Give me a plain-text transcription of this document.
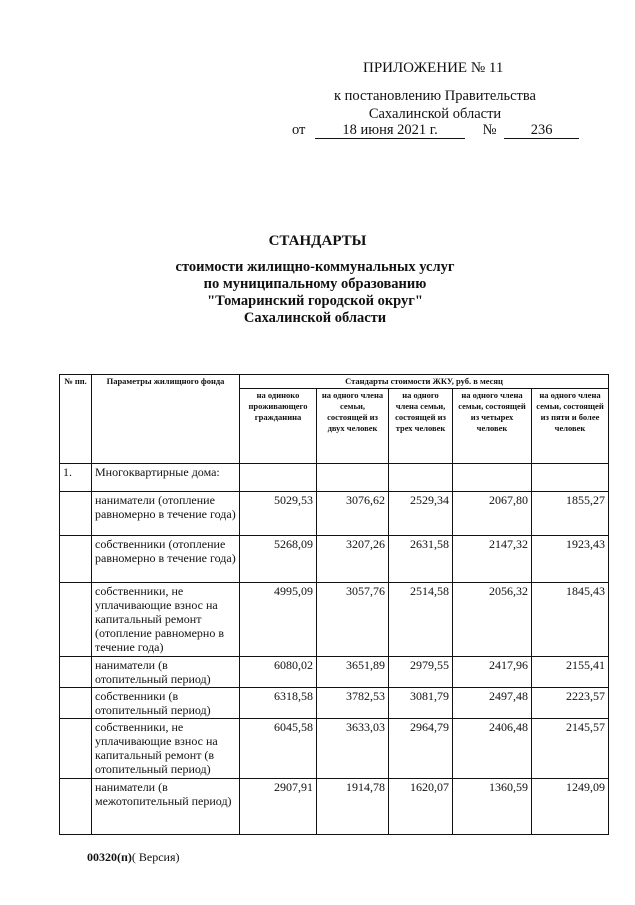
ПРИЛОЖЕНИЕ № 11
к постановлению Правительства
Сахалинской области
от	18 июня 2021 г.	№ 236
СТАНДАРТЫ
стоимости жилищно-коммунальных услуг
по муниципальному образованию
"Томаринский городской округ"
Сахалинской области
№ пп.	Параметры жилищного фонда	Стандарты стоимости ЖКУ, руб. в месяц				
		на одиноко проживающего гражданина	на одного члена семьи, состоящей из двух человек	на одного члена семьи, состоящей из трех человек	на одного члена семьи, состоящей из четырех человек	на одного члена семьи, состоящей из пяти и более человек
1.	Многоквартирные дома:					
	наниматели (отопление равномерно в течение года)	5029,53	3076,62	2529,34	2067,80	1855,27
	собственники (отопление равномерно в течение года)	5268,09	3207,26	2631,58	2147,32	1923,43
	собственники, не уплачивающие взнос на капитальный ремонт (отопление равномерно в течение года)	4995,09	3057,76	2514,58	2056,32	1845,43
	наниматели (в отопительный период)	6080,02	3651,89	2979,55	2417,96	2155,41
	собственники (в отопительный период)	6318,58	3782,53	3081,79	2497,48	2223,57
	собственники, не уплачивающие взнос на капитальный ремонт (в отопительный период)	6045,58	3633,03	2964,79	2406,48	2145,57
	наниматели (в межотопительный период)	2907,91	1914,78	1620,07	1360,59	1249,09
00320(п)( Версия)
